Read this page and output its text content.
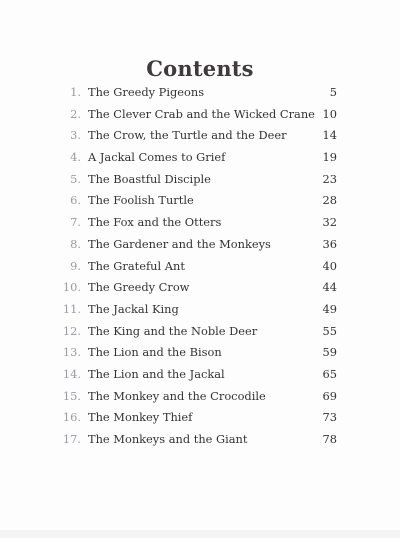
Contents
1. The Greedy Pigeons	5
2. The Clever Crab and the Wicked Crane 10
3. The Crow, the Turtle and the Deer	14
4. A Jackal Comes to Grief	19
5. The Boastful Disciple	23
6. The Foolish Turtle	28
7. The Fox and the Otters	32
8. The Gardener and the Monkeys	36
9. The Grateful Ant	40
10. The Greedy Crow	44
11. The Jackal King	49
12. The King and the Noble Deer	55
13. The Lion and the Bison	59
14. The Lion and the Jackal	65
15. The Monkey and the Crocodile	69
16. The Monkey Thief	73
17. The Monkeys and the Giant	78
